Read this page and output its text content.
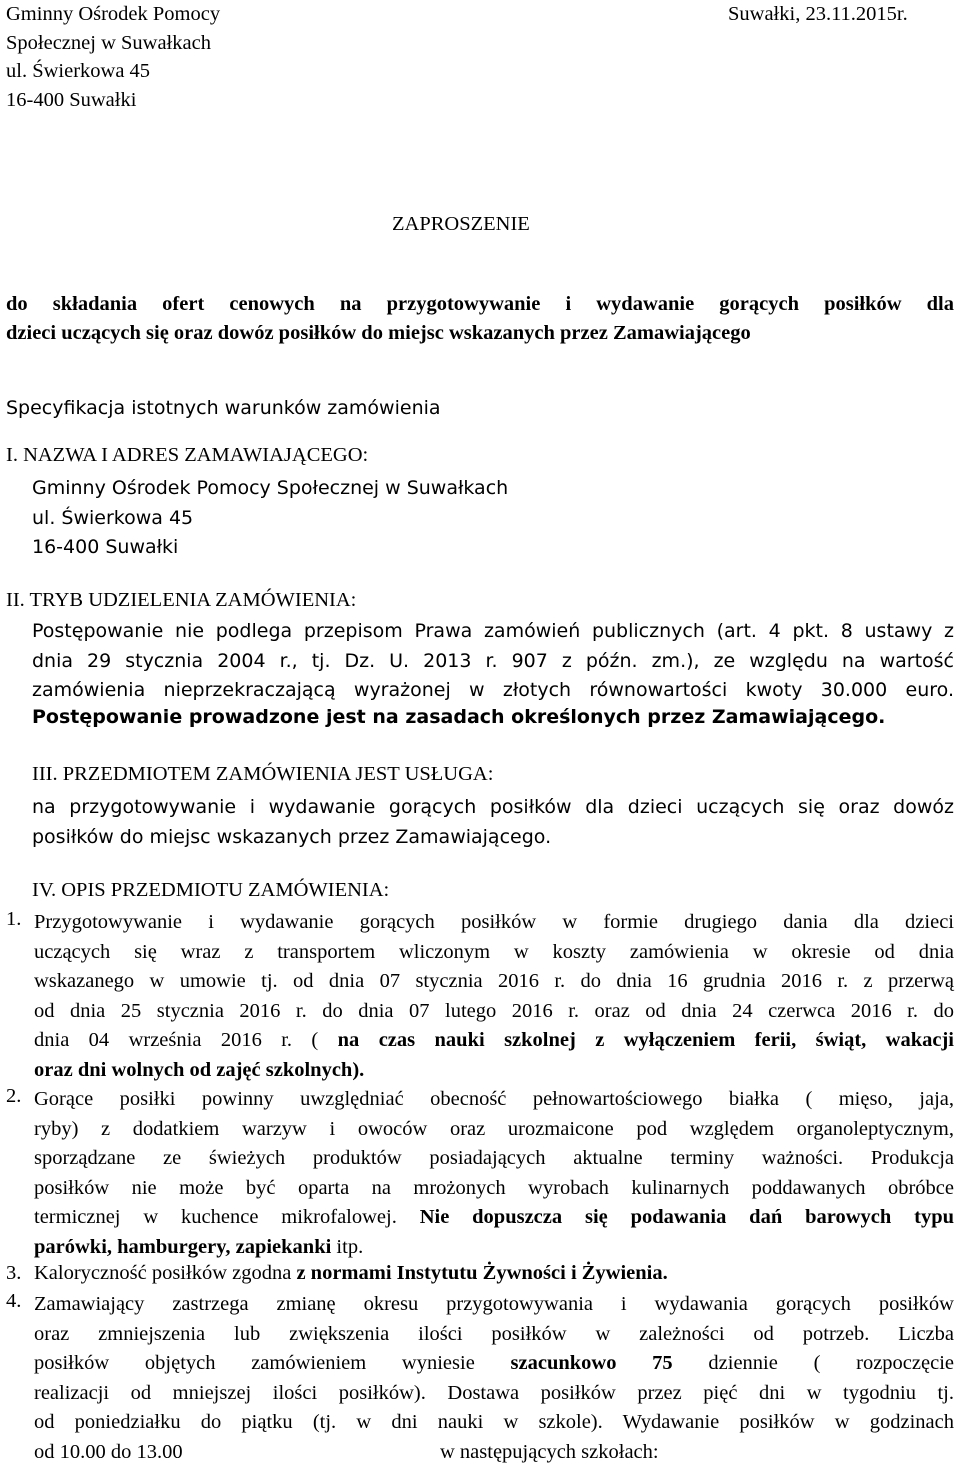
Gminny Ośrodek Pomocy
Społecznej w Suwałkach
ul. Świerkowa 45
16-400 Suwałki
Suwałki, 23.11.2015r.
ZAPROSZENIE
do składania ofert cenowych na przygotowywanie i wydawanie gorących posiłków dla
dzieci uczących się oraz dowóz posiłków do miejsc wskazanych przez Zamawiającego
Specyfikacja istotnych warunków zamówienia
I. NAZWA I ADRES ZAMAWIAJĄCEGO:
Gminny Ośrodek Pomocy Społecznej w Suwałkach
ul. Świerkowa 45
16-400 Suwałki
II. TRYB UDZIELENIA ZAMÓWIENIA:
Postępowanie nie podlega przepisom Prawa zamówień publicznych (art. 4 pkt. 8 ustawy z
dnia 29 stycznia 2004 r., tj. Dz. U. 2013 r. 907 z późn. zm.), ze względu na wartość
zamówienia nieprzekraczającą wyrażonej w złotych równowartości kwoty 30.000 euro.
Postępowanie prowadzone jest na zasadach określonych przez Zamawiającego.
III. PRZEDMIOTEM ZAMÓWIENIA JEST USŁUGA:
na przygotowywanie i wydawanie gorących posiłków dla dzieci uczących się oraz dowóz
posiłków do miejsc wskazanych przez Zamawiającego.
IV. OPIS PRZEDMIOTU ZAMÓWIENIA:
1. Przygotowywanie i wydawanie gorących posiłków w formie drugiego dania dla dzieci
uczących się wraz z transportem wliczonym w koszty zamówienia w okresie od dnia
wskazanego w umowie tj. od dnia 07 stycznia 2016 r. do dnia 16 grudnia 2016 r. z przerwą
od dnia 25 stycznia 2016 r. do dnia 07 lutego 2016 r. oraz od dnia 24 czerwca 2016 r. do
dnia 04 września 2016 r. ( na czas nauki szkolnej z wyłączeniem ferii, świąt, wakacji
oraz dni wolnych od zajęć szkolnych).
2. Gorące posiłki powinny uwzględniać obecność pełnowartościowego białka ( mięso, jaja,
ryby) z dodatkiem warzyw i owoców oraz urozmaicone pod względem organoleptycznym,
sporządzane ze świeżych produktów posiadających aktualne terminy ważności. Produkcja
posiłków nie może być oparta na mrożonych wyrobach kulinarnych poddawanych obróbce
termicznej w kuchence mikrofalowej. Nie dopuszcza się podawania dań barowych typu
parówki, hamburgery, zapiekanki itp.
3. Kaloryczność posiłków zgodna z normami Instytutu Żywności i Żywienia.
4. Zamawiający zastrzega zmianę okresu przygotowywania i wydawania gorących posiłków
oraz zmniejszenia lub zwiększenia ilości posiłków w zależności od potrzeb. Liczba
posiłków objętych zamówieniem wyniesie szacunkowo 75 dziennie ( rozpoczęcie
realizacji od mniejszej ilości posiłków). Dostawa posiłków przez pięć dni w tygodniu tj.
od poniedziałku do piątku (tj. w dni nauki w szkole). Wydawanie posiłków w godzinach
od 10.00 do 13.00	w następujących szkołach:
